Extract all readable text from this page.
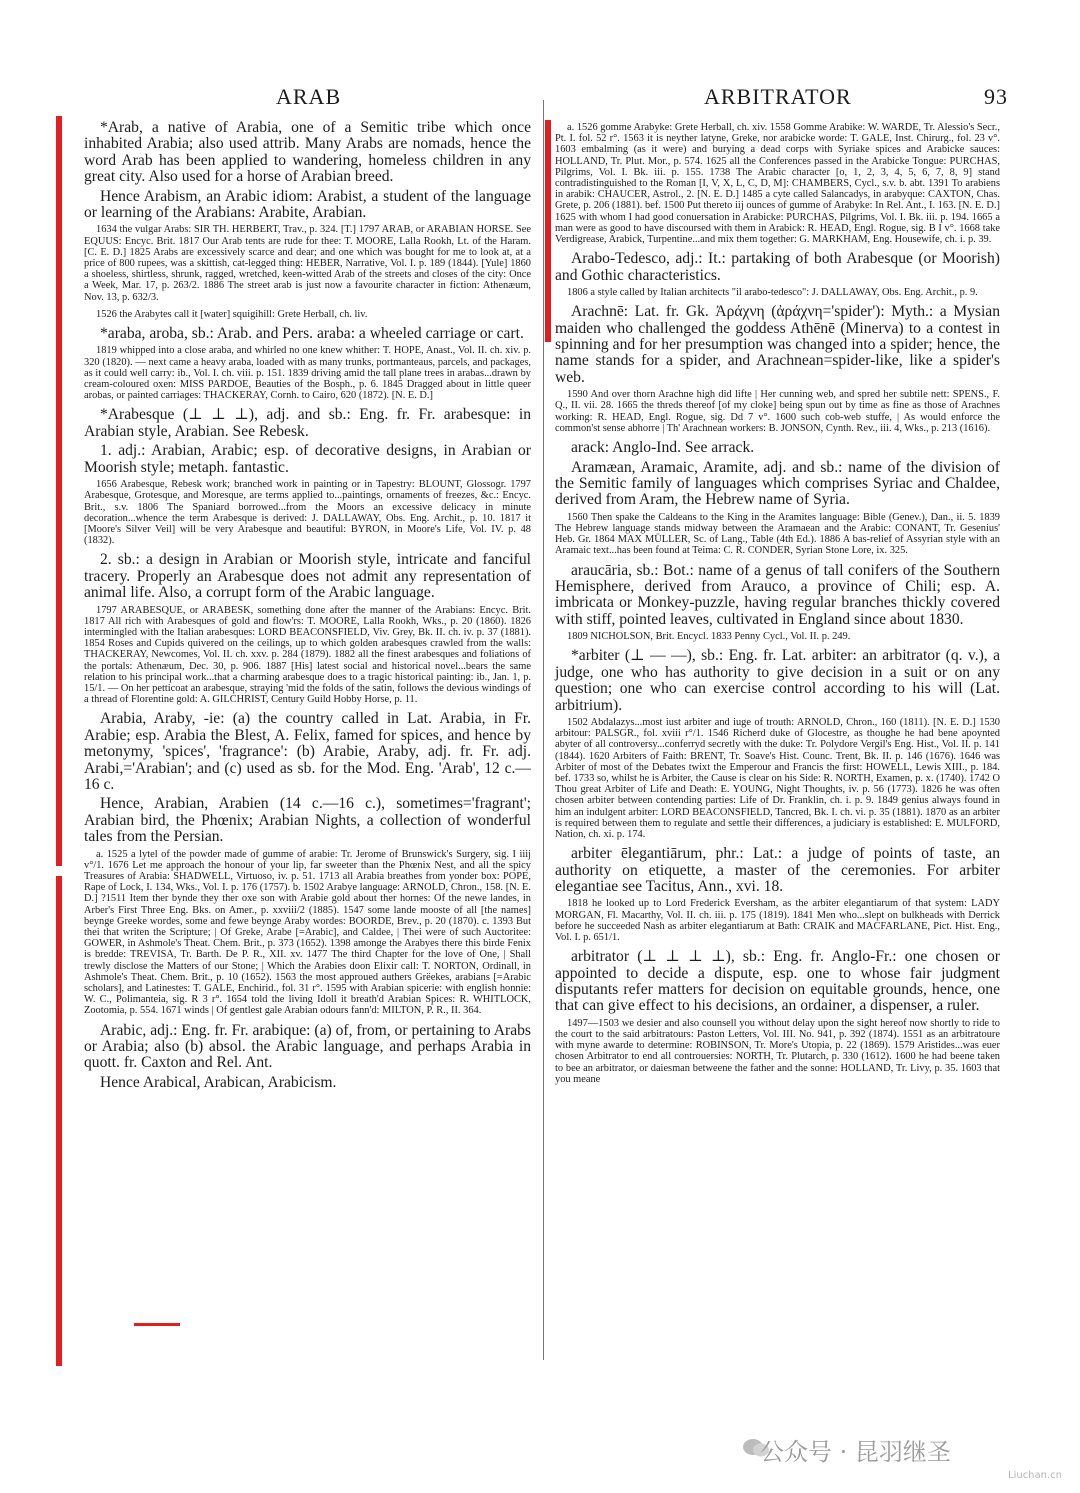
ARAB	ARBITRATOR	93

*Arab, a native of Arabia, one of a Semitic tribe which once inhabited Arabia; also used attrib. Many Arabs are nomads, hence the word Arab has been applied to wandering, homeless children in any great city. Also used for a horse of Arabian breed.

Hence Arabism, an Arabic idiom: Arabist, a student of the language or learning of the Arabians: Arabite, Arabian.

1634 the vulgar Arabs: SIR TH. HERBERT, Trav., p. 324. [T.] 1797 ARAB, or ARABIAN HORSE. See EQUUS: Encyc. Brit. 1817 Our Arab tents are rude for thee: T. MOORE, Lalla Rookh, Lt. of the Haram. [C. E. D.] 1825 Arabs are excessively scarce and dear; and one which was bought for me to look at, at a price of 800 rupees, was a skittish, cat-legged thing: HEBER, Narrative, Vol. I. p. 189 (1844). [Yule] 1860 a shoeless, shirtless, shrunk, ragged, wretched, keen-witted Arab of the streets and closes of the city: Once a Week, Mar. 17, p. 263/2. 1886 The street arab is just now a favourite character in fiction: Athenæum, Nov. 13, p. 632/3.

1526 the Arabytes call it [water] squigihill: Grete Herball, ch. liv.

*araba, aroba, sb.: Arab. and Pers. araba: a wheeled carriage or cart.

1819 whipped into a close araba, and whirled no one knew whither: T. HOPE, Anast., Vol. II. ch. xiv. p. 320 (1820). — next came a heavy araba, loaded with as many trunks, portmanteaus, parcels, and packages, as it could well carry: ib., Vol. I. ch. viii. p. 151. 1839 driving amid the tall plane trees in arabas...drawn by cream-coloured oxen: MISS PARDOE, Beauties of the Bosph., p. 6. 1845 Dragged about in little queer arobas, or painted carriages: THACKERAY, Cornh. to Cairo, 620 (1872). [N. E. D.]

*Arabesque (⊥ ⊥ ⊥), adj. and sb.: Eng. fr. Fr. arabesque: in Arabian style, Arabian. See Rebesk.

1. adj.: Arabian, Arabic; esp. of decorative designs, in Arabian or Moorish style; metaph. fantastic.

1656 Arabesque, Rebesk work; branched work in painting or in Tapestry: BLOUNT, Glossogr. 1797 Arabesque, Grotesque, and Moresque, are terms applied to...paintings, ornaments of freezes, &c.: Encyc. Brit., s.v. 1806 The Spaniard borrowed...from the Moors an excessive delicacy in minute decoration...whence the term Arabesque is derived: J. DALLAWAY, Obs. Eng. Archit., p. 10. 1817 it [Moore's Silver Veil] will be very Arabesque and beautiful: BYRON, in Moore's Life, Vol. IV. p. 48 (1832).

2. sb.: a design in Arabian or Moorish style, intricate and fanciful tracery. Properly an Arabesque does not admit any representation of animal life. Also, a corrupt form of the Arabic language.

1797 ARABESQUE, or ARABESK, something done after the manner of the Arabians: Encyc. Brit. 1817 All rich with Arabesques of gold and flow'rs: T. MOORE, Lalla Rookh, Wks., p. 20 (1860). 1826 intermingled with the Italian arabesques: LORD BEACONSFIELD, Viv. Grey, Bk. II. ch. iv. p. 37 (1881). 1854 Roses and Cupids quivered on the ceilings, up to which golden arabesques crawled from the walls: THACKERAY, Newcomes, Vol. II. ch. xxv. p. 284 (1879). 1882 all the finest arabesques and foliations of the portals: Athenæum, Dec. 30, p. 906. 1887 [His] latest social and historical novel...bears the same relation to his principal work...that a charming arabesque does to a tragic historical painting: ib., Jan. 1, p. 15/1. — On her petticoat an arabesque, straying 'mid the folds of the satin, follows the devious windings of a thread of Florentine gold: A. GILCHRIST, Century Guild Hobby Horse, p. 11.

Arabia, Araby, -ie: (a) the country called in Lat. Arabia, in Fr. Arabie; esp. Arabia the Blest, A. Felix, famed for spices, and hence by metonymy, 'spices', 'fragrance': (b) Arabie, Araby, adj. fr. Fr. adj. Arabi,='Arabian'; and (c) used as sb. for the Mod. Eng. 'Arab', 12 c.—16 c.

Hence, Arabian, Arabien (14 c.—16 c.), sometimes='fragrant'; Arabian bird, the Phœnix; Arabian Nights, a collection of wonderful tales from the Persian.

a. 1525 a lytel of the powder made of gumme of arabie: Tr. Jerome of Brunswick's Surgery, sig. I iiij v°/1. 1676 Let me approach the honour of your lip, far sweeter than the Phœnix Nest, and all the spicy Treasures of Arabia: SHADWELL, Virtuoso, iv. p. 51. 1713 all Arabia breathes from yonder box: POPE, Rape of Lock, I. 134, Wks., Vol. I. p. 176 (1757). b. 1502 Arabye language: ARNOLD, Chron., 158. [N. E. D.] ?1511 Item ther bynde they ther oxe son with Arabie gold about ther hornes: Of the newe landes, in Arber's First Three Eng. Bks. on Amer., p. xxviii/2 (1885). 1547 some lande mooste of all [the names] beynge Greeke wordes, some and fewe beynge Araby wordes: BOORDE, Brev., p. 20 (1870). c. 1393 But thei that writen the Scripture; | Of Greke, Arabe [=Arabic], and Caldee, | Thei were of such Auctoritee: GOWER, in Ashmole's Theat. Chem. Brit., p. 373 (1652). 1398 amonge the Arabyes there this birde Fenix is bredde: TREVISA, Tr. Barth. De P. R., XII. xv. 1477 The third Chapter for the love of One, | Shall trewly disclose the Matters of our Stone; | Which the Arabies doon Elixir call: T. NORTON, Ordinall, in Ashmole's Theat. Chem. Brit., p. 10 (1652). 1563 the most approued authers Grëekes, arabians [=Arabic scholars], and Latinestes: T. GALE, Enchirid., fol. 31 r°. 1595 with Arabian spicerie: with english honnie: W. C., Polimanteia, sig. R 3 r°. 1654 told the living Idoll it breath'd Arabian Spices: R. WHITLOCK, Zootomia, p. 554. 1671 winds | Of gentlest gale Arabian odours fann'd: MILTON, P. R., II. 364.

Arabic, adj.: Eng. fr. Fr. arabique: (a) of, from, or pertaining to Arabs or Arabia; also (b) absol. the Arabic language, and perhaps Arabia in quott. fr. Caxton and Rel. Ant.

Hence Arabical, Arabican, Arabicism.

a. 1526 gomme Arabyke: Grete Herball, ch. xiv. 1558 Gomme Arabike: W. WARDE, Tr. Alessio's Secr., Pt. I. fol. 52 r°. 1563 it is neyther latyne, Greke, nor arabicke worde: T. GALE, Inst. Chirurg., fol. 23 v°. 1603 embalming (as it were) and burying a dead corps with Syriake spices and Arabicke sauces: HOLLAND, Tr. Plut. Mor., p. 574. 1625 all the Conferences passed in the Arabicke Tongue: PURCHAS, Pilgrims, Vol. I. Bk. iii. p. 155. 1738 The Arabic character [o, 1, 2, 3, 4, 5, 6, 7, 8, 9] stand contradistinguished to the Roman [I, V, X, L, C, D, M]: CHAMBERS, Cycl., s.v. b. abt. 1391 To arabiens in arabik: CHAUCER, Astrol., 2. [N. E. D.] 1485 a cyte called Salancadys, in arabyque: CAXTON, Chas. Grete, p. 206 (1881). bef. 1500 Put thereto iij ounces of gumme of Arabyke: In Rel. Ant., I. 163. [N. E. D.] 1625 with whom I had good conuersation in Arabicke: PURCHAS, Pilgrims, Vol. I. Bk. iii. p. 194. 1665 a man were as good to have discoursed with them in Arabick: R. HEAD, Engl. Rogue, sig. B I v°. 1668 take Verdigrease, Arabick, Turpentine...and mix them together: G. MARKHAM, Eng. Housewife, ch. i. p. 39.

Arabo-Tedesco, adj.: It.: partaking of both Arabesque (or Moorish) and Gothic characteristics.

1806 a style called by Italian architects "il arabo-tedesco": J. DALLAWAY, Obs. Eng. Archit., p. 9.

Arachnē: Lat. fr. Gk. Ἀράχνη (ἀράχνη='spider'): Myth.: a Mysian maiden who challenged the goddess Athēnē (Minerva) to a contest in spinning and for her presumption was changed into a spider; hence, the name stands for a spider, and Arachnean=spider-like, like a spider's web.

1590 And over thorn Arachne high did lifte | Her cunning web, and spred her subtile nett: SPENS., F. Q., II. vii. 28. 1665 the threds thereof [of my cloke] being spun out by time as fine as those of Arachnes working: R. HEAD, Engl. Rogue, sig. Dd 7 v°. 1600 such cob-web stuffe, | As would enforce the common'st sense abhorre | Th' Arachnean workers: B. JONSON, Cynth. Rev., iii. 4, Wks., p. 213 (1616).

arack: Anglo-Ind. See arrack.

Aramæan, Aramaic, Aramite, adj. and sb.: name of the division of the Semitic family of languages which comprises Syriac and Chaldee, derived from Aram, the Hebrew name of Syria.

1560 Then spake the Caldeans to the King in the Aramites language: Bible (Genev.), Dan., ii. 5. 1839 The Hebrew language stands midway between the Aramaean and the Arabic: CONANT, Tr. Gesenius' Heb. Gr. 1864 MAX MÜLLER, Sc. of Lang., Table (4th Ed.). 1886 A bas-relief of Assyrian style with an Aramaic text...has been found at Teima: C. R. CONDER, Syrian Stone Lore, ix. 325.

araucāria, sb.: Bot.: name of a genus of tall conifers of the Southern Hemisphere, derived from Arauco, a province of Chili; esp. A. imbricata or Monkey-puzzle, having regular branches thickly covered with stiff, pointed leaves, cultivated in England since about 1830.

1809 NICHOLSON, Brit. Encycl. 1833 Penny Cycl., Vol. II. p. 249.

*arbiter (⊥ — —), sb.: Eng. fr. Lat. arbiter: an arbitrator (q. v.), a judge, one who has authority to give decision in a suit or on any question; one who can exercise control according to his will (Lat. arbitrium).

1502 Abdalazys...most iust arbiter and iuge of trouth: ARNOLD, Chron., 160 (1811). [N. E. D.] 1530 arbitour: PALSGR., fol. xviii r°/1. 1546 Richerd duke of Glocestre, as thoughe he had bene apoynted abyter of all controversy...conferryd secretly with the duke: Tr. Polydore Vergil's Eng. Hist., Vol. II. p. 141 (1844). 1620 Arbiters of Faith: BRENT, Tr. Soave's Hist. Counc. Trent, Bk. II. p. 146 (1676). 1646 was Arbiter of most of the Debates twixt the Emperour and Francis the first: HOWELL, Lewis XIII., p. 184. bef. 1733 so, whilst he is Arbiter, the Cause is clear on his Side: R. NORTH, Examen, p. x. (1740). 1742 O Thou great Arbiter of Life and Death: E. YOUNG, Night Thoughts, iv. p. 56 (1773). 1826 he was often chosen arbiter between contending parties: Life of Dr. Franklin, ch. i. p. 9. 1849 genius always found in him an indulgent arbiter: LORD BEACONSFIELD, Tancred, Bk. I. ch. vi. p. 35 (1881). 1870 as an arbiter is required between them to regulate and settle their differences, a judiciary is established: E. MULFORD, Nation, ch. xi. p. 174.

arbiter ēlegantiārum, phr.: Lat.: a judge of points of taste, an authority on etiquette, a master of the ceremonies. For arbiter elegantiae see Tacitus, Ann., xvi. 18.

1818 he looked up to Lord Frederick Eversham, as the arbiter elegantiarum of that system: LADY MORGAN, Fl. Macarthy, Vol. II. ch. iii. p. 175 (1819). 1841 Men who...slept on bulkheads with Derrick before he succeeded Nash as arbiter elegantiarum at Bath: CRAIK and MACFARLANE, Pict. Hist. Eng., Vol. I. p. 651/1.

arbitrator (⊥ ⊥ ⊥ ⊥), sb.: Eng. fr. Anglo-Fr.: one chosen or appointed to decide a dispute, esp. one to whose fair judgment disputants refer matters for decision on equitable grounds, hence, one that can give effect to his decisions, an ordainer, a dispenser, a ruler.

1497—1503 we desier and also counsell you without delay upon the sight hereof now shortly to ride to the court to the said arbitratours: Paston Letters, Vol. III. No. 941, p. 392 (1874). 1551 as an arbitratoure with myne awarde to determine: ROBINSON, Tr. More's Utopia, p. 22 (1869). 1579 Aristides...was euer chosen Arbitrator to end all controuersies: NORTH, Tr. Plutarch, p. 330 (1612). 1600 he had beene taken to bee an arbitrator, or daiesman betweene the father and the sonne: HOLLAND, Tr. Livy, p. 35. 1603 that you meane

公众号 · 昆羽继圣
Liuchan.cn
